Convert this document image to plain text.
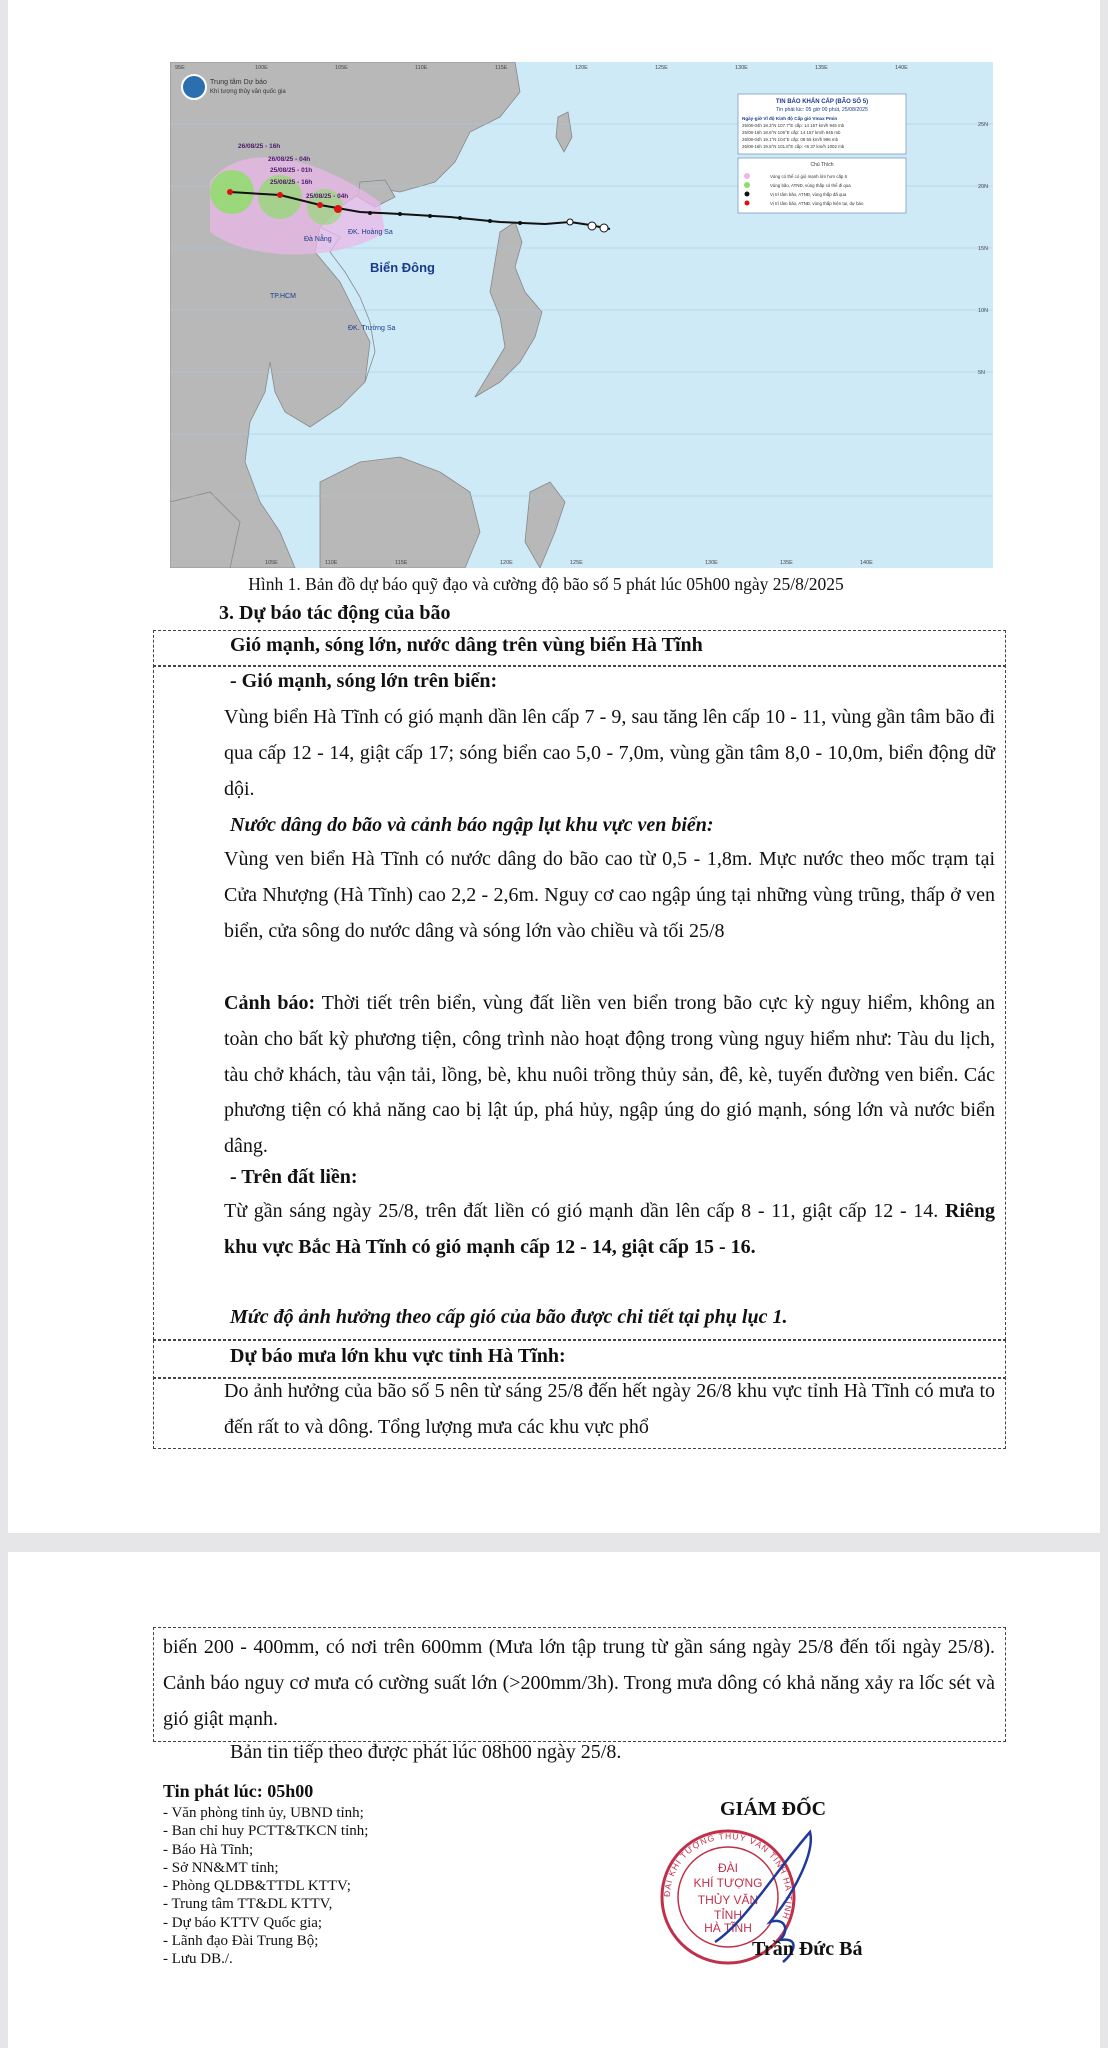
Trung tâm Dự báo
Khí tượng thủy văn quốc gia
26/08/25 - 16h
26/08/25 - 04h
25/08/25 - 16h
25/08/25 - 04h
25/08/25 - 01h
Biển Đông
Đà Nẵng
ĐK. Hoàng Sa
ĐK. Trường Sa
TP.HCM
25N
20N
15N
10N
5N
105E	110E	115E	120E	125E	130E	135E	140E
TIN BÁO KHẨN CẤP (BÃO SỐ 5)
Tin phát lúc: 05 giờ 00 phút, 25/08/2025
Ngày-giờ Vĩ độ Kinh độ Cấp gió Vmax Pmin
25/08-04h 18.3°N 107.7°E cấp: 14 157 km/h 945 mb
25/08-16h 18.6°N 106°E cấp: 14 157 km/h 945 mb
26/08-04h 19.1°N 104°E cấp: 08 65 km/h 996 mb
26/08-16h 19.6°N 101.8°E cấp: <6 37 km/h 1002 mb
Chú Thích
Vùng có thể có gió mạnh lớn hơn cấp 6
Vùng bão, ATNĐ, vùng thấp có thể đi qua
Vị trí tâm bão, ATNĐ, vùng thấp đã qua
Vị trí tâm bão, ATNĐ, vùng thấp hiện tại, dự báo
95E	100E	105E	110E	115E	120E	125E	130E	135E	140E
Hình 1. Bản đồ dự báo quỹ đạo và cường độ bão số 5 phát lúc 05h00 ngày 25/8/2025
3. Dự báo tác động của bão
Gió mạnh, sóng lớn, nước dâng trên vùng biển Hà Tĩnh
- Gió mạnh, sóng lớn trên biển:
Vùng biển Hà Tĩnh có gió mạnh dần lên cấp 7 - 9, sau tăng lên cấp 10 - 11, vùng gần tâm bão đi qua cấp 12 - 14, giật cấp 17; sóng biển cao 5,0 - 7,0m, vùng gần tâm 8,0 - 10,0m, biển động dữ dội.
Nước dâng do bão và cảnh báo ngập lụt khu vực ven biển:
Vùng ven biển Hà Tĩnh có nước dâng do bão cao từ 0,5 - 1,8m. Mực nước theo mốc trạm tại Cửa Nhượng (Hà Tĩnh) cao 2,2 - 2,6m. Nguy cơ cao ngập úng tại những vùng trũng, thấp ở ven biển, cửa sông do nước dâng và sóng lớn vào chiều và tối 25/8
Cảnh báo: Thời tiết trên biển, vùng đất liền ven biển trong bão cực kỳ nguy hiểm, không an toàn cho bất kỳ phương tiện, công trình nào hoạt động trong vùng nguy hiểm như: Tàu du lịch, tàu chở khách, tàu vận tải, lồng, bè, khu nuôi trồng thủy sản, đê, kè, tuyến đường ven biển. Các phương tiện có khả năng cao bị lật úp, phá hủy, ngập úng do gió mạnh, sóng lớn và nước biển dâng.
- Trên đất liền:
Từ gần sáng ngày 25/8, trên đất liền có gió mạnh dần lên cấp 8 - 11, giật cấp 12 - 14. Riêng khu vực Bắc Hà Tĩnh có gió mạnh cấp 12 - 14, giật cấp 15 - 16.
Mức độ ảnh hưởng theo cấp gió của bão được chi tiết tại phụ lục 1.
Dự báo mưa lớn khu vực tỉnh Hà Tĩnh:
Do ảnh hưởng của bão số 5 nên từ sáng 25/8 đến hết ngày 26/8 khu vực tỉnh Hà Tĩnh có mưa to đến rất to và dông. Tổng lượng mưa các khu vực phổ
biến 200 - 400mm, có nơi trên 600mm (Mưa lớn tập trung từ gần sáng ngày 25/8 đến tối ngày 25/8). Cảnh báo nguy cơ mưa có cường suất lớn (>200mm/3h). Trong mưa dông có khả năng xảy ra lốc sét và gió giật mạnh.
Bản tin tiếp theo được phát lúc 08h00 ngày 25/8.
Tin phát lúc: 05h00
- Văn phòng tỉnh ủy, UBND tỉnh;
- Ban chỉ huy PCTT&TKCN tỉnh;
- Báo Hà Tĩnh;
- Sở NN&MT tỉnh;
- Phòng QLDB&TTDL KTTV;
- Trung tâm TT&DL KTTV,
- Dự báo KTTV Quốc gia;
- Lãnh đạo Đài Trung Bộ;
- Lưu DB./.
GIÁM ĐỐC
ĐÀI KHÍ TƯỢNG THỦY VĂN TỈNH HÀ TĨNH
ĐÀI
KHÍ TƯỢNG
THỦY VĂN
TỈNH
HÀ TĨNH
Trần Đức Bá
